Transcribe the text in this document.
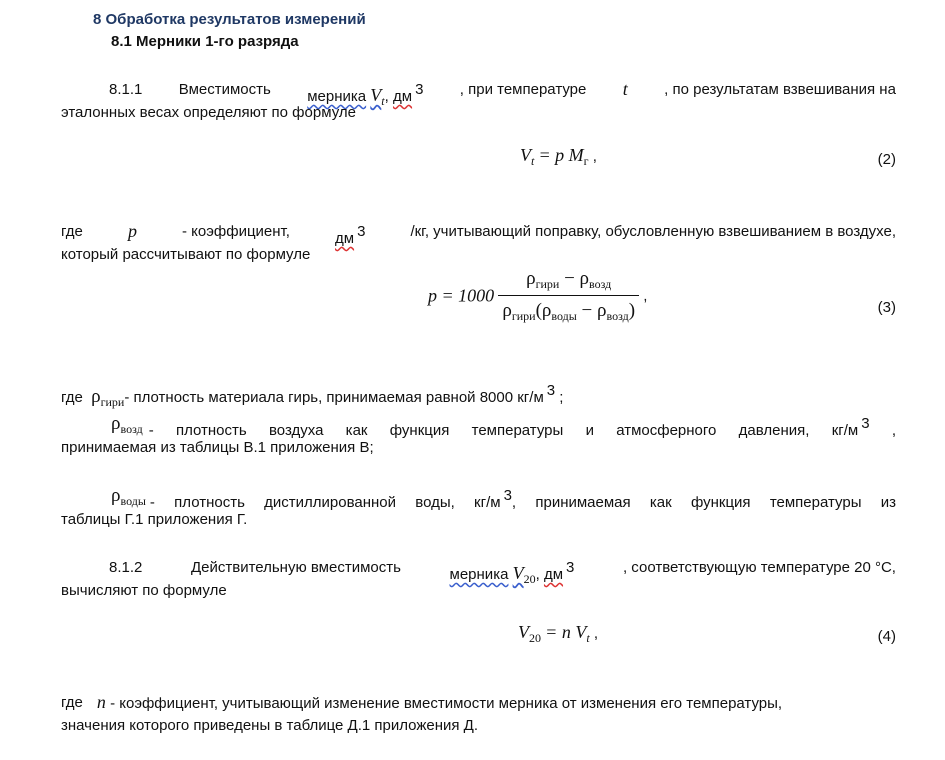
8 Обработка результатов измерений
8.1 Мерники 1-го разряда
8.1.1 Вместимость мерника $V_t$, дм 3 , при температуре t , по результатам взвешивания на
эталонных весах определяют по формуле
$V_t = p$ $M_г$ ,	(2)
где	p	- коэффициент,	дм 3	/кг, учитывающий поправку, обусловленную взвешиванием в воздухе,
который рассчитывают по формуле
$p = 1000 \frac{\rho_{гири} - \rho_{возд}}{\rho_{гири}(\rho_{воды} - \rho_{возд})}$ ,
(3)
где $\rho_{гири}-$ плотность материала гирь, принимаемая равной 8000 кг/м 3 ;
$\rho_{возд}$ - плотность воздуха как функция температуры и атмосферного давления, кг/м 3 ,
принимаемая из таблицы В.1 приложения В;
$\rho_{воды}$ - плотность дистиллированной воды, кг/м 3, принимаемая как функция температуры из
таблицы Г.1 приложения Г.
8.1.2	Действительную вместимость	мерника $V_{20}$, дм 3	, соответствующую температуре 20 °С,
вычисляют по формуле
$V_{20} = n$ $V_t$ ,	(4)
где n - коэффициент, учитывающий изменение вместимости мерника от изменения его температуры,
значения которого приведены в таблице Д.1 приложения Д.
